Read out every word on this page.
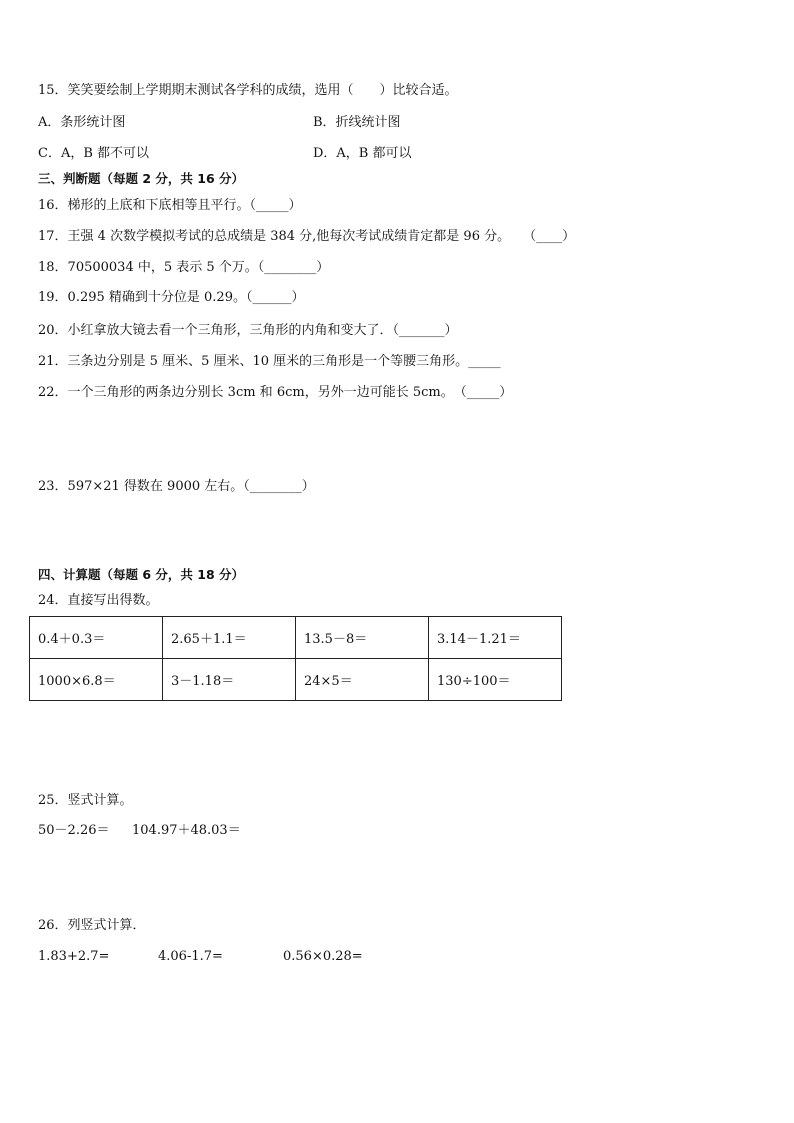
15．笑笑要绘制上学期期末测试各学科的成绩，选用（　　）比较合适。
A．条形统计图	B．折线统计图
C．A，B 都不可以	D．A，B 都可以
三、判断题（每题 2 分，共 16 分）
16．梯形的上底和下底相等且平行。（_____）
17．王强 4 次数学模拟考试的总成绩是 384 分,他每次考试成绩肯定都是 96 分。　　（____）
18．70500034 中，5 表示 5 个万。（________）
19．0.295 精确到十分位是 0.29。（______）
20．小红拿放大镜去看一个三角形，三角形的内角和变大了．（_______）
21．三条边分别是 5 厘米、5 厘米、10 厘米的三角形是一个等腰三角形。_____
22．一个三角形的两条边分别长 3cm 和 6cm，另外一边可能长 5cm。　（_____）
23．597×21 得数在 9000 左右。（________）
四、计算题（每题 6 分，共 18 分）
24．直接写出得数。
0.4＋0.3＝	2.65＋1.1＝	13.5－8＝	3.14－1.21＝
1000×6.8＝	3－1.18＝	24×5＝	130÷100＝
25．竖式计算。
50－2.26＝ 104.97＋48.03＝
26．列竖式计算．
1.83+2.7=	4.06-1.7=	0.56×0.28=
